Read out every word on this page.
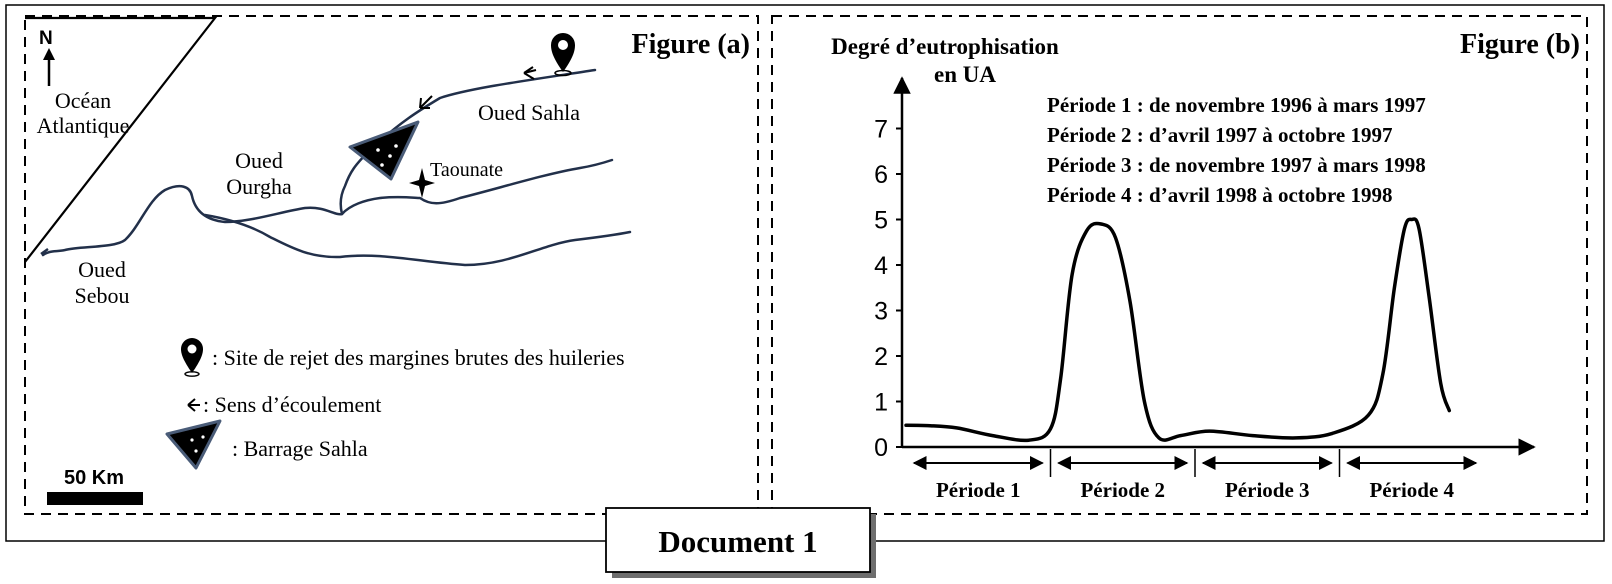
Figure (a)
N
Océan
Atlantique
Oued Sahla
Taounate
Oued
Ourgha
Oued
Sebou
: Site de rejet des margines brutes des huileries
: Sens d’écoulement
: Barrage Sahla
50 Km
Figure (b)
Degré d’eutrophisation
en UA
Période 1 : de novembre 1996 à mars 1997
Période 2 : d’avril 1997 à octobre 1997
Période 3 : de novembre 1997 à mars 1998
Période 4 : d’avril 1998 à octobre 1998
0
1
2
3
4
5
6
7
Période 1	Période 2	Période 3	Période 4
Document 1
